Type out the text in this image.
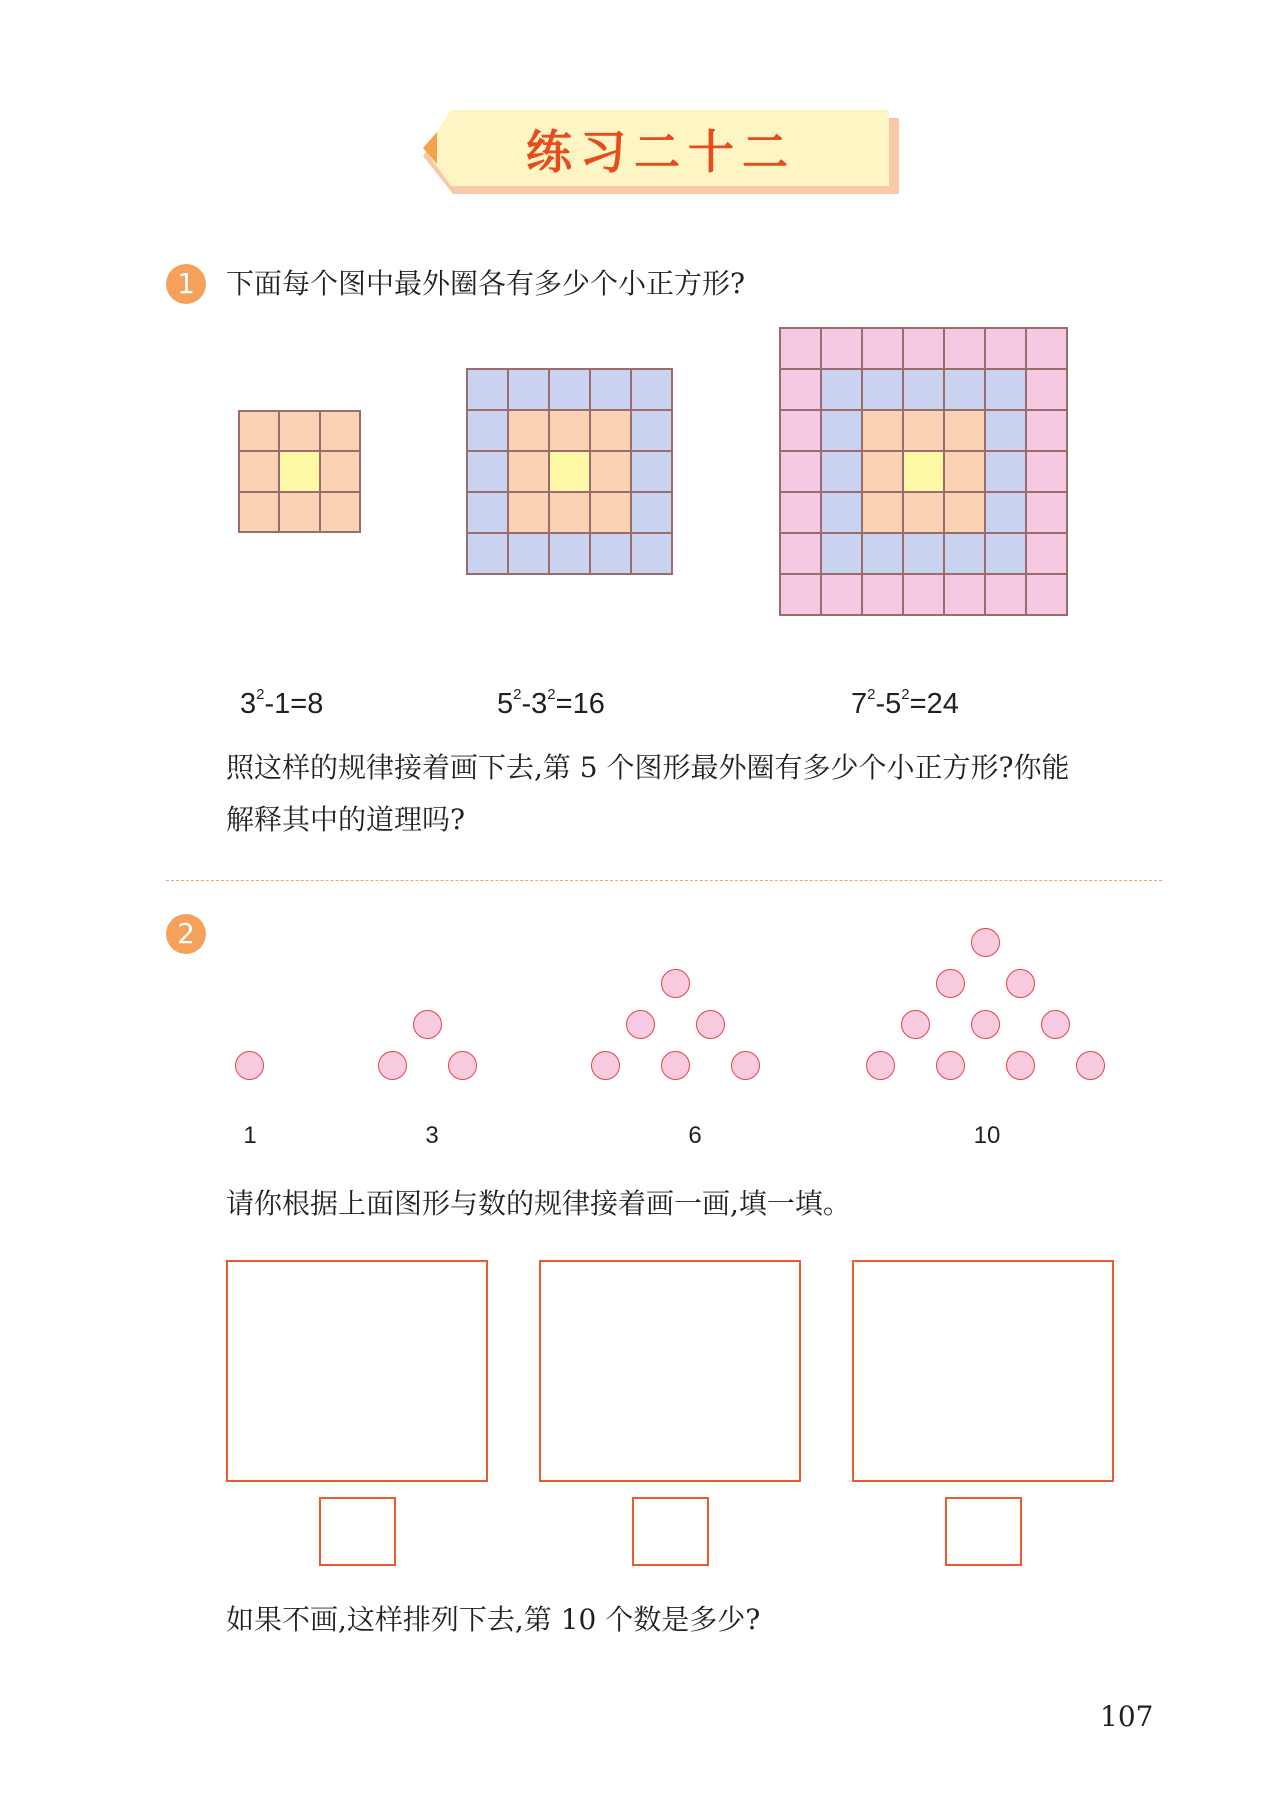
练习二十二
1	下面每个图中最外圈各有多少个小正方形?
$3^2-1=8$	$5^2-3^2=16$	$7^2-5^2=24$
照这样的规律接着画下去,第 5 个图形最外圈有多少个小正方形?你能
解释其中的道理吗?
2
1	3	6	10
请你根据上面图形与数的规律接着画一画,填一填。
如果不画,这样排列下去,第 10 个数是多少?
107
